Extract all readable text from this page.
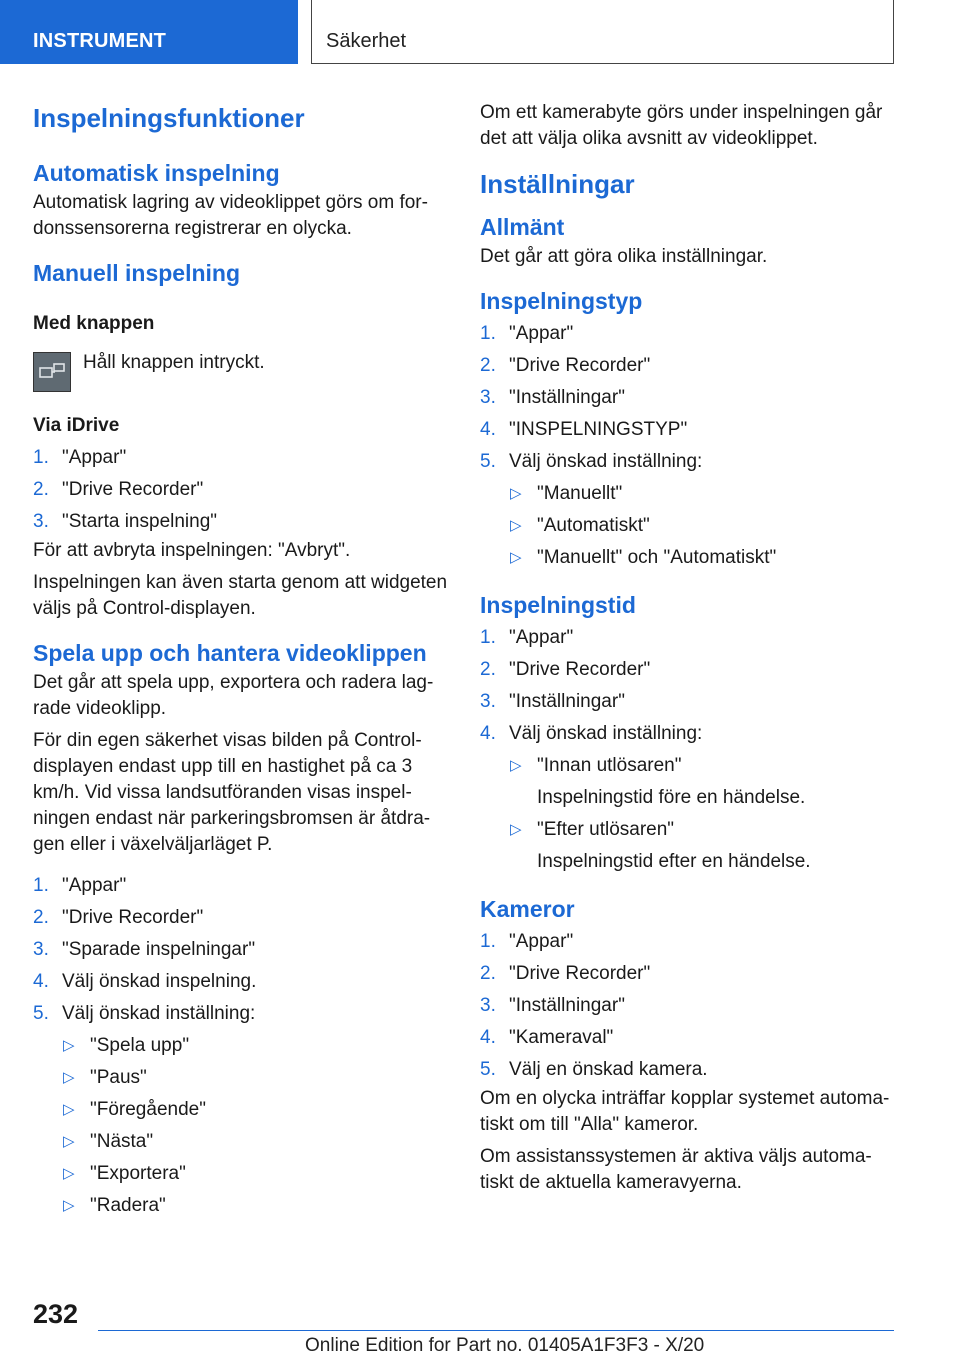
INSTRUMENT	Säkerhet
Inspelningsfunktioner
Automatisk inspelning

Automatisk lagring av videoklippet görs om for-donssensorerna registrerar en olycka.

Manuell inspelning
Med knappen
Håll knappen intryckt.
Via iDrive
1. "Appar"
2. "Drive Recorder"
3. "Starta inspelning"

För att avbryta inspelningen: "Avbryt".

Inspelningen kan även starta genom att widgeten väljs på Control-displayen.

Spela upp och hantera videoklippen

Det går att spela upp, exportera och radera lag-rade videoklipp.

För din egen säkerhet visas bilden på Control-displayen endast upp till en hastighet på ca 3 km/h. Vid vissa landsutföranden visas inspel-ningen endast när parkeringsbromsen är åtdra-gen eller i växelväljarläget P.

1. "Appar"
2. "Drive Recorder"
3. "Sparade inspelningar"
4. Välj önskad inspelning.
5. Välj önskad inställning:
▷ "Spela upp"
▷ "Paus"
▷ "Föregående"
▷ "Nästa"
▷ "Exportera"
▷ "Radera"

Om ett kamerabyte görs under inspelningen går det att välja olika avsnitt av videoklippet.

Inställningar
Allmänt

Det går att göra olika inställningar.

Inspelningstyp
1. "Appar"
2. "Drive Recorder"
3. "Inställningar"
4. "INSPELNINGSTYP"
5. Välj önskad inställning:
▷ "Manuellt"
▷ "Automatiskt"
▷ "Manuellt" och "Automatiskt"
Inspelningstid
1. "Appar"
2. "Drive Recorder"
3. "Inställningar"
4. Välj önskad inställning:
▷ "Innan utlösaren"
Inspelningstid före en händelse.
▷ "Efter utlösaren"
Inspelningstid efter en händelse.
Kameror
1. "Appar"
2. "Drive Recorder"
3. "Inställningar"
4. "Kameraval"
5. Välj en önskad kamera.

Om en olycka inträffar kopplar systemet automa-tiskt om till "Alla" kameror.

Om assistanssystemen är aktiva väljs automa-tiskt de aktuella kameravyerna.

232
Online Edition for Part no. 01405A1F3F3 - X/20
